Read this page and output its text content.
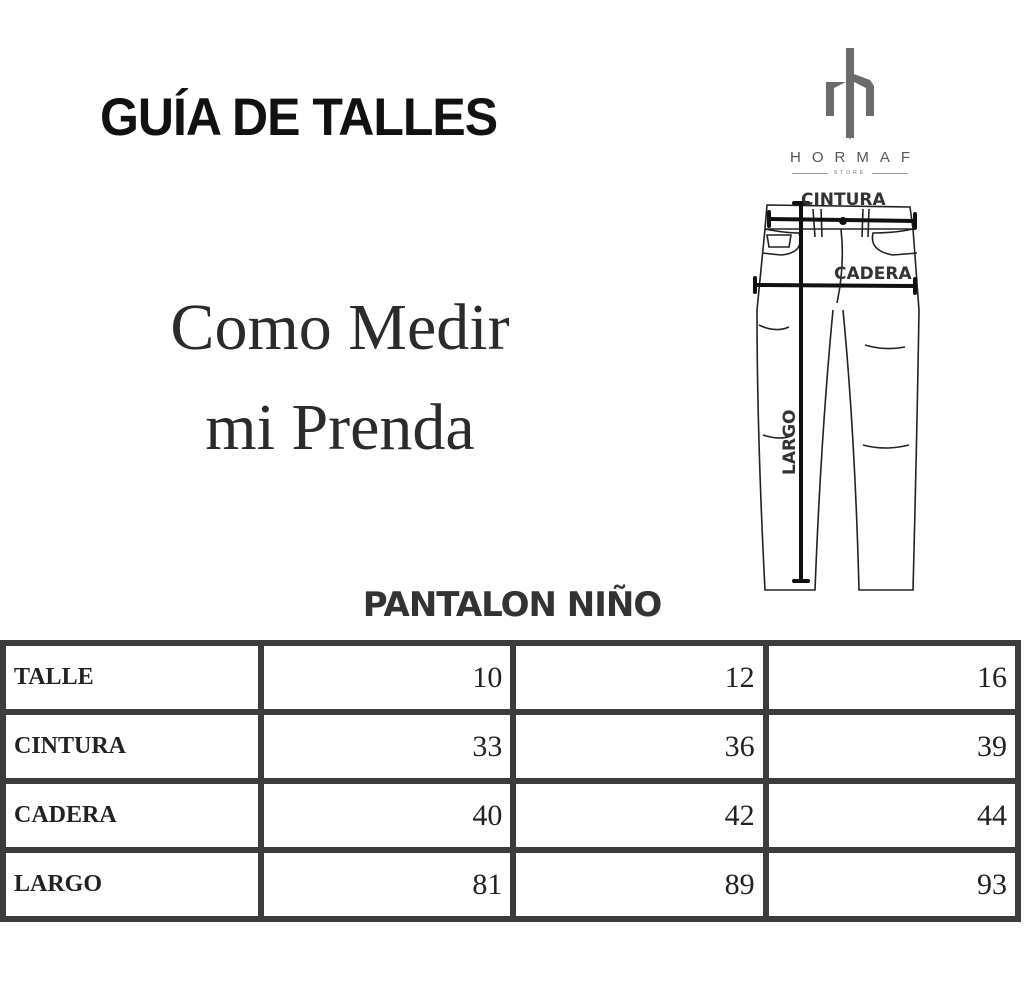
GUÍA DE TALLES
Como Medir
mi Prenda
HORMAF
STORE
CINTURA
CADERA
LARGO
PANTALON NIÑO
TALLE	10	12	16
CINTURA	33	36	39
CADERA	40	42	44
LARGO	81	89	93
